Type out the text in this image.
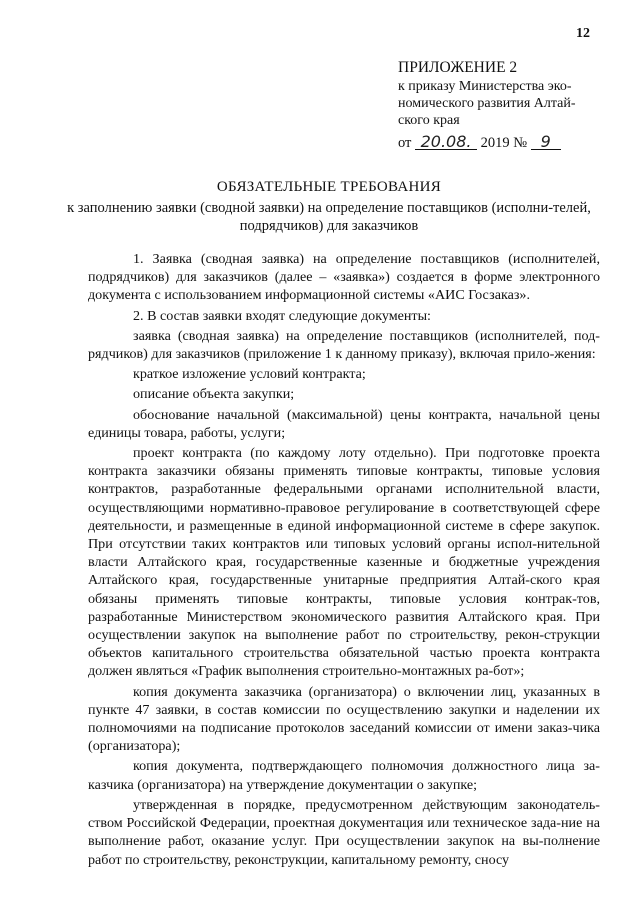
12
ПРИЛОЖЕНИЕ 2
к приказу Министерства эко-номического развития Алтай-ского края
от 20.08. 2019 № 9
ОБЯЗАТЕЛЬНЫЕ ТРЕБОВАНИЯ
к заполнению заявки (сводной заявки) на определение поставщиков (исполни-телей, подрядчиков) для заказчиков

1. Заявка (сводная заявка) на определение поставщиков (исполнителей, подрядчиков) для заказчиков (далее – «заявка») создается в форме электронного документа с использованием информационной системы «АИС Госзаказ».

2. В состав заявки входят следующие документы:

заявка (сводная заявка) на определение поставщиков (исполнителей, под-рядчиков) для заказчиков (приложение 1 к данному приказу), включая прило-жения:

краткое изложение условий контракта;

описание объекта закупки;

обоснование начальной (максимальной) цены контракта, начальной цены единицы товара, работы, услуги;

проект контракта (по каждому лоту отдельно). При подготовке проекта контракта заказчики обязаны применять типовые контракты, типовые условия контрактов, разработанные федеральными органами исполнительной власти, осуществляющими нормативно-правовое регулирование в соответствующей сфере деятельности, и размещенные в единой информационной системе в сфере закупок. При отсутствии таких контрактов или типовых условий органы испол-нительной власти Алтайского края, государственные казенные и бюджетные учреждения Алтайского края, государственные унитарные предприятия Алтай-ского края обязаны применять типовые контракты, типовые условия контрак-тов, разработанные Министерством экономического развития Алтайского края. При осуществлении закупок на выполнение работ по строительству, рекон-струкции объектов капитального строительства обязательной частью проекта контракта должен являться «График выполнения строительно-монтажных ра-бот»;

копия документа заказчика (организатора) о включении лиц, указанных в пункте 47 заявки, в состав комиссии по осуществлению закупки и наделении их полномочиями на подписание протоколов заседаний комиссии от имени заказ-чика (организатора);

копия документа, подтверждающего полномочия должностного лица за-казчика (организатора) на утверждение документации о закупке;

утвержденная в порядке, предусмотренном действующим законодатель-ством Российской Федерации, проектная документация или техническое зада-ние на выполнение работ, оказание услуг. При осуществлении закупок на вы-полнение работ по строительству, реконструкции, капитальному ремонту, сносу
